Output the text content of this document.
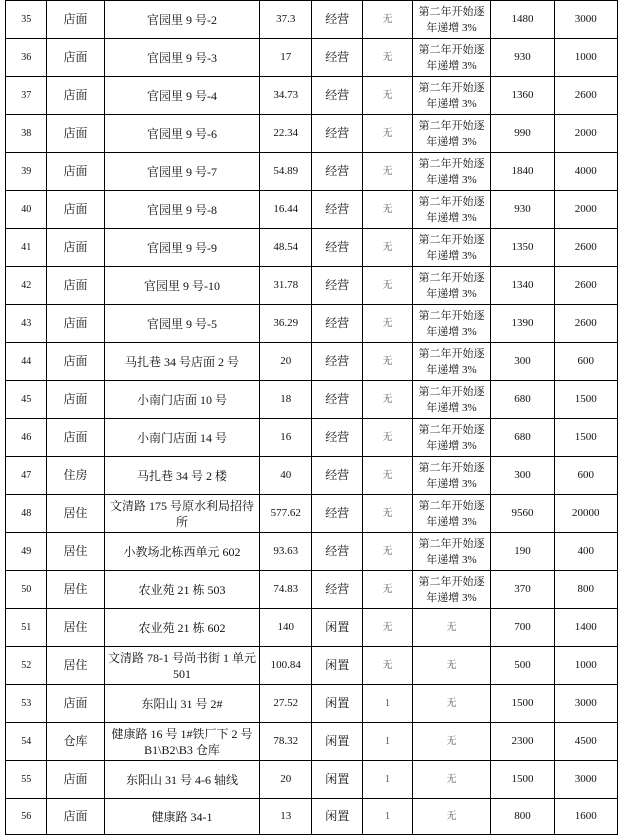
35	店面	官园里 9 号-2	37.3	经营	无	第二年开始逐年递增 3%	1480	3000
36	店面	官园里 9 号-3	17	经营	无	第二年开始逐年递增 3%	930	1000
37	店面	官园里 9 号-4	34.73	经营	无	第二年开始逐年递增 3%	1360	2600
38	店面	官园里 9 号-6	22.34	经营	无	第二年开始逐年递增 3%	990	2000
39	店面	官园里 9 号-7	54.89	经营	无	第二年开始逐年递增 3%	1840	4000
40	店面	官园里 9 号-8	16.44	经营	无	第二年开始逐年递增 3%	930	2000
41	店面	官园里 9 号-9	48.54	经营	无	第二年开始逐年递增 3%	1350	2600
42	店面	官园里 9 号-10	31.78	经营	无	第二年开始逐年递增 3%	1340	2600
43	店面	官园里 9 号-5	36.29	经营	无	第二年开始逐年递增 3%	1390	2600
44	店面	马扎巷 34 号店面 2 号	20	经营	无	第二年开始逐年递增 3%	300	600
45	店面	小南门店面 10 号	18	经营	无	第二年开始逐年递增 3%	680	1500
46	店面	小南门店面 14 号	16	经营	无	第二年开始逐年递增 3%	680	1500
47	住房	马扎巷 34 号 2 楼	40	经营	无	第二年开始逐年递增 3%	300	600
48	居住	文清路 175 号原水利局招待所	577.62	经营	无	第二年开始逐年递增 3%	9560	20000
49	居住	小教场北栋西单元 602	93.63	经营	无	第二年开始逐年递增 3%	190	400
50	居住	农业苑 21 栋 503	74.83	经营	无	第二年开始逐年递增 3%	370	800
51	居住	农业苑 21 栋 602	140	闲置	无	无	700	1400
52	居住	文清路 78-1 号尚书街 1 单元 501	100.84	闲置	无	无	500	1000
53	店面	东阳山 31 号 2#	27.52	闲置	1	无	1500	3000
54	仓库	健康路 16 号 1#铁厂下 2 号 B1\B2\B3 仓库	78.32	闲置	1	无	2300	4500
55	店面	东阳山 31 号 4-6 轴线	20	闲置	1	无	1500	3000
56	店面	健康路 34-1	13	闲置	1	无	800	1600
